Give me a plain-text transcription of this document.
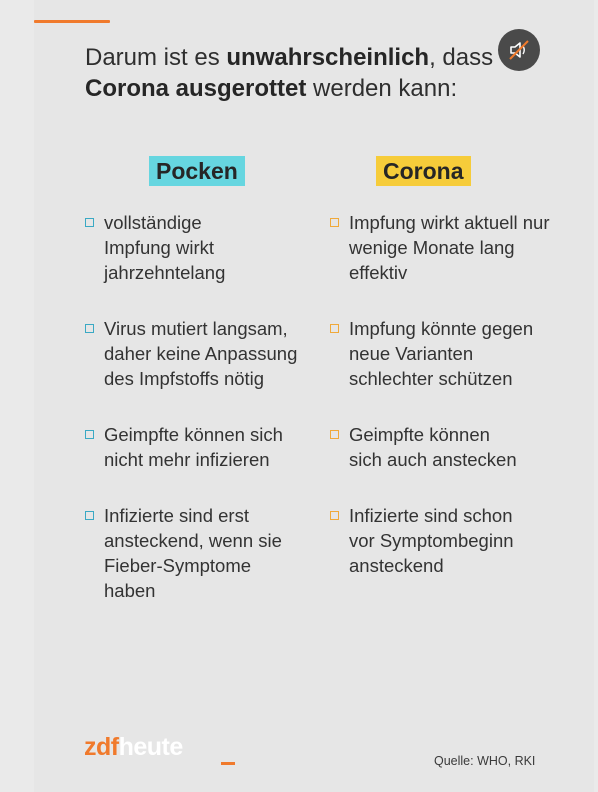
Darum ist es unwahrscheinlich, dass Corona ausgerottet werden kann:
Pocken	Corona
vollständige Impfung wirkt jahrzehntelang
Virus mutiert langsam, daher keine Anpassung des Impfstoffs nötig
Geimpfte können sich nicht mehr infizieren
Infizierte sind erst ansteckend, wenn sie Fieber-Symptome haben
Impfung wirkt aktuell nur wenige Monate lang effektiv
Impfung könnte gegen neue Varianten schlechter schützen
Geimpfte können sich auch anstecken
Infizierte sind schon vor Symptombeginn ansteckend
zdfheute	Quelle: WHO, RKI
